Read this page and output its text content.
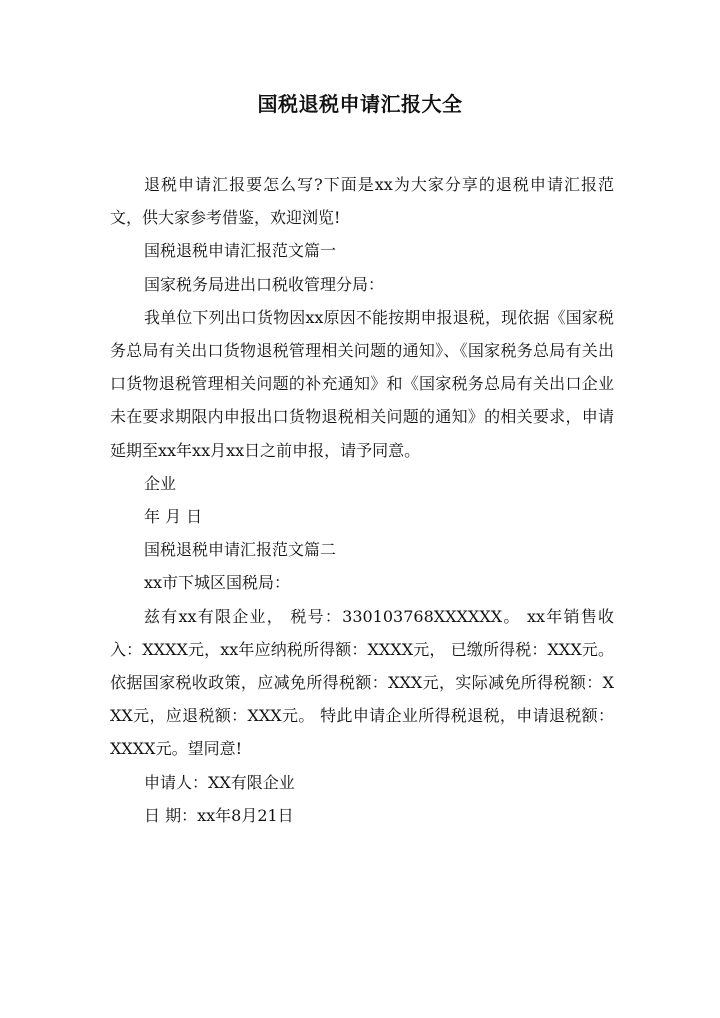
国税退税申请汇报大全

退税申请汇报要怎么写?下面是xx为大家分享的退税申请汇报范文，供大家参考借鉴，欢迎浏览!

国税退税申请汇报范文篇一

国家税务局进出口税收管理分局：

我单位下列出口货物因xx原因不能按期申报退税，现依据《国家税务总局有关出口货物退税管理相关问题的通知》、《国家税务总局有关出口货物退税管理相关问题的补充通知》和《国家税务总局有关出口企业未在要求期限内申报出口货物退税相关问题的通知》的相关要求，申请延期至xx年xx月xx日之前申报，请予同意。

企业

年 月 日

国税退税申请汇报范文篇二

xx市下城区国税局：

兹有xx有限企业， 税号：330103768XXXXXX。 xx年销售收入：XXXX元，xx年应纳税所得额：XXXX元， 已缴所得税：XXX元。依据国家税收政策，应减免所得税额：XXX元，实际减免所得税额：XXX元，应退税额：XXX元。 特此申请企业所得税退税，申请退税额：XXXX元。望同意!

申请人：XX有限企业

日 期：xx年8月21日
